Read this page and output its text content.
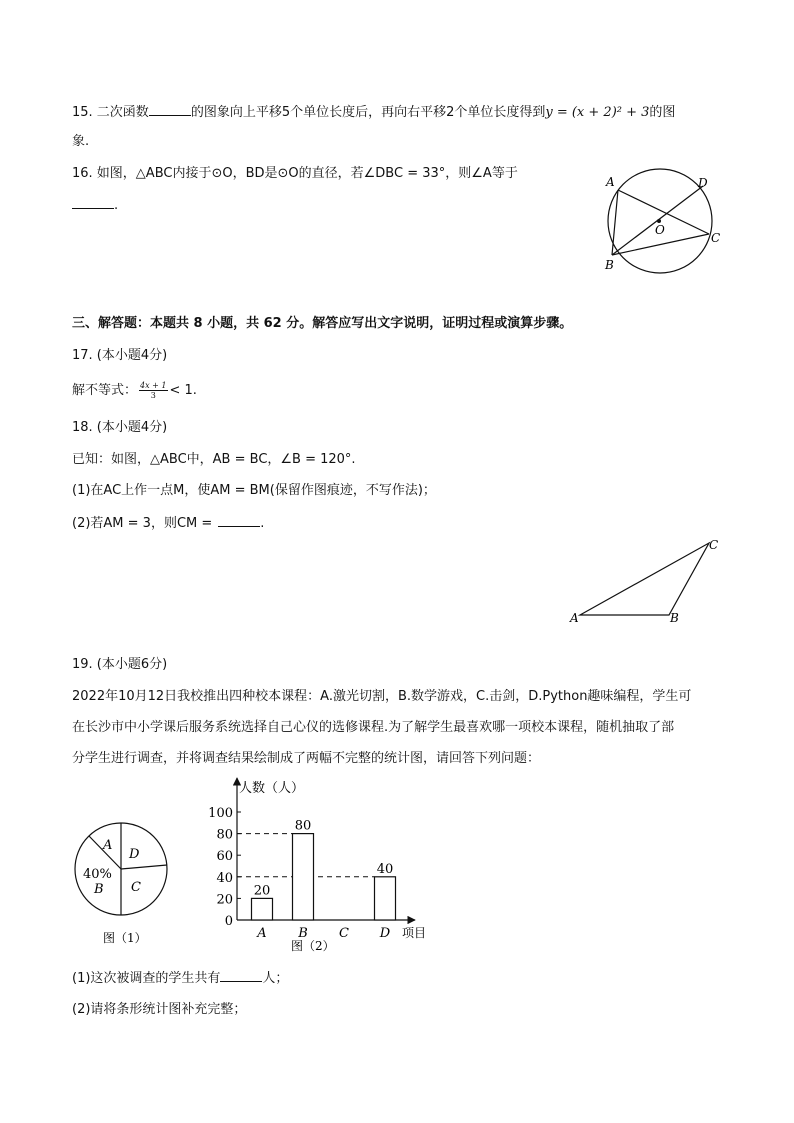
15. 二次函数	的图象向上平移5个单位长度后，再向右平移2个单位长度得到y = (x + 2)² + 3的图
象.
16. 如图，△ABC内接于⊙O，BD是⊙O的直径，若∠DBC = 33°，则∠A等于
.
A	D
O
C
B
三、解答题：本题共 8 小题，共 62 分。解答应写出文字说明，证明过程或演算步骤。
17. (本小题4分)
解不等式： $\frac{4x + 1}{3} < 1$.
18. (本小题4分)
已知：如图，△ABC中，AB = BC，∠B = 120°.
(1)在AC上作一点M，使AM = BM(保留作图痕迹，不写作法)；
(2)若AM = 3，则CM =	.
A	B
C
19. (本小题6分)
2022年10月12日我校推出四种校本课程：A.激光切割，B.数学游戏，C.击剑，D.Python趣味编程，学生可
在长沙市中小学课后服务系统选择自己心仪的选修课程.为了解学生最喜欢哪一项校本课程，随机抽取了部
分学生进行调查，并将调查结果绘制成了两幅不完整的统计图，请回答下列问题：
A
D
40%
B C
图（1）
人数（人）
项目
0
20
40
60
80
100
20
A
80
B C
40
D
图（2）
(1)这次被调查的学生共有	人；
(2)请将条形统计图补充完整；
